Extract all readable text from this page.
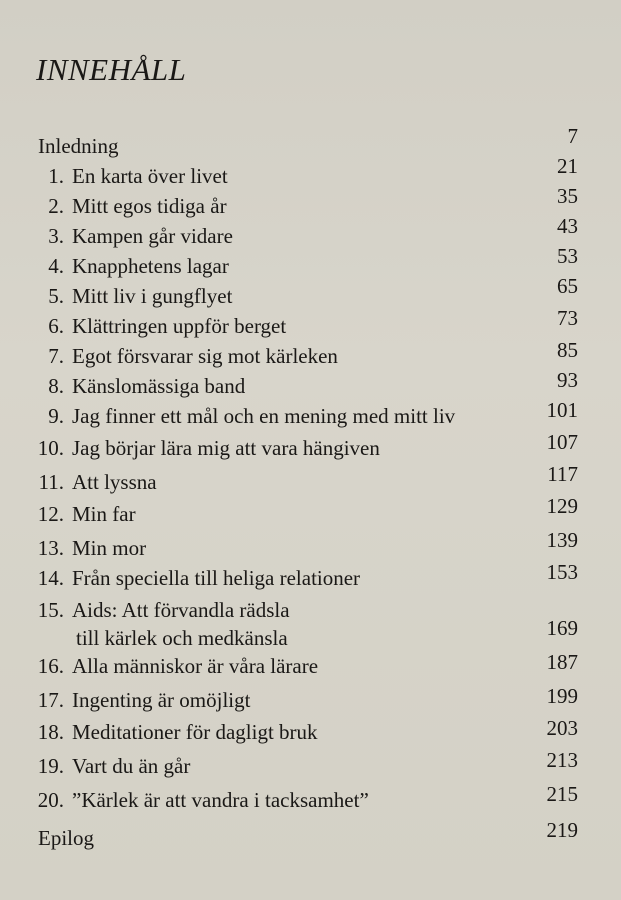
INNEHÅLL
Inledning	7
1. En karta över livet	21
2. Mitt egos tidiga år	35
3. Kampen går vidare	43
4. Knapphetens lagar	53
5. Mitt liv i gungflyet	65
6. Klättringen uppför berget	73
7. Egot försvarar sig mot kärleken	85
8. Känslomässiga band	93
9. Jag finner ett mål och en mening med mitt liv	101
10. Jag börjar lära mig att vara hängiven	107
11. Att lyssna	117
12. Min far	129
13. Min mor	139
14. Från speciella till heliga relationer	153
15. Aids: Att förvandla rädsla
till kärlek och medkänsla	169
16. Alla människor är våra lärare	187
17. Ingenting är omöjligt	199
18. Meditationer för dagligt bruk	203
19. Vart du än går	213
20. ”Kärlek är att vandra i tacksamhet”	215
Epilog	219
